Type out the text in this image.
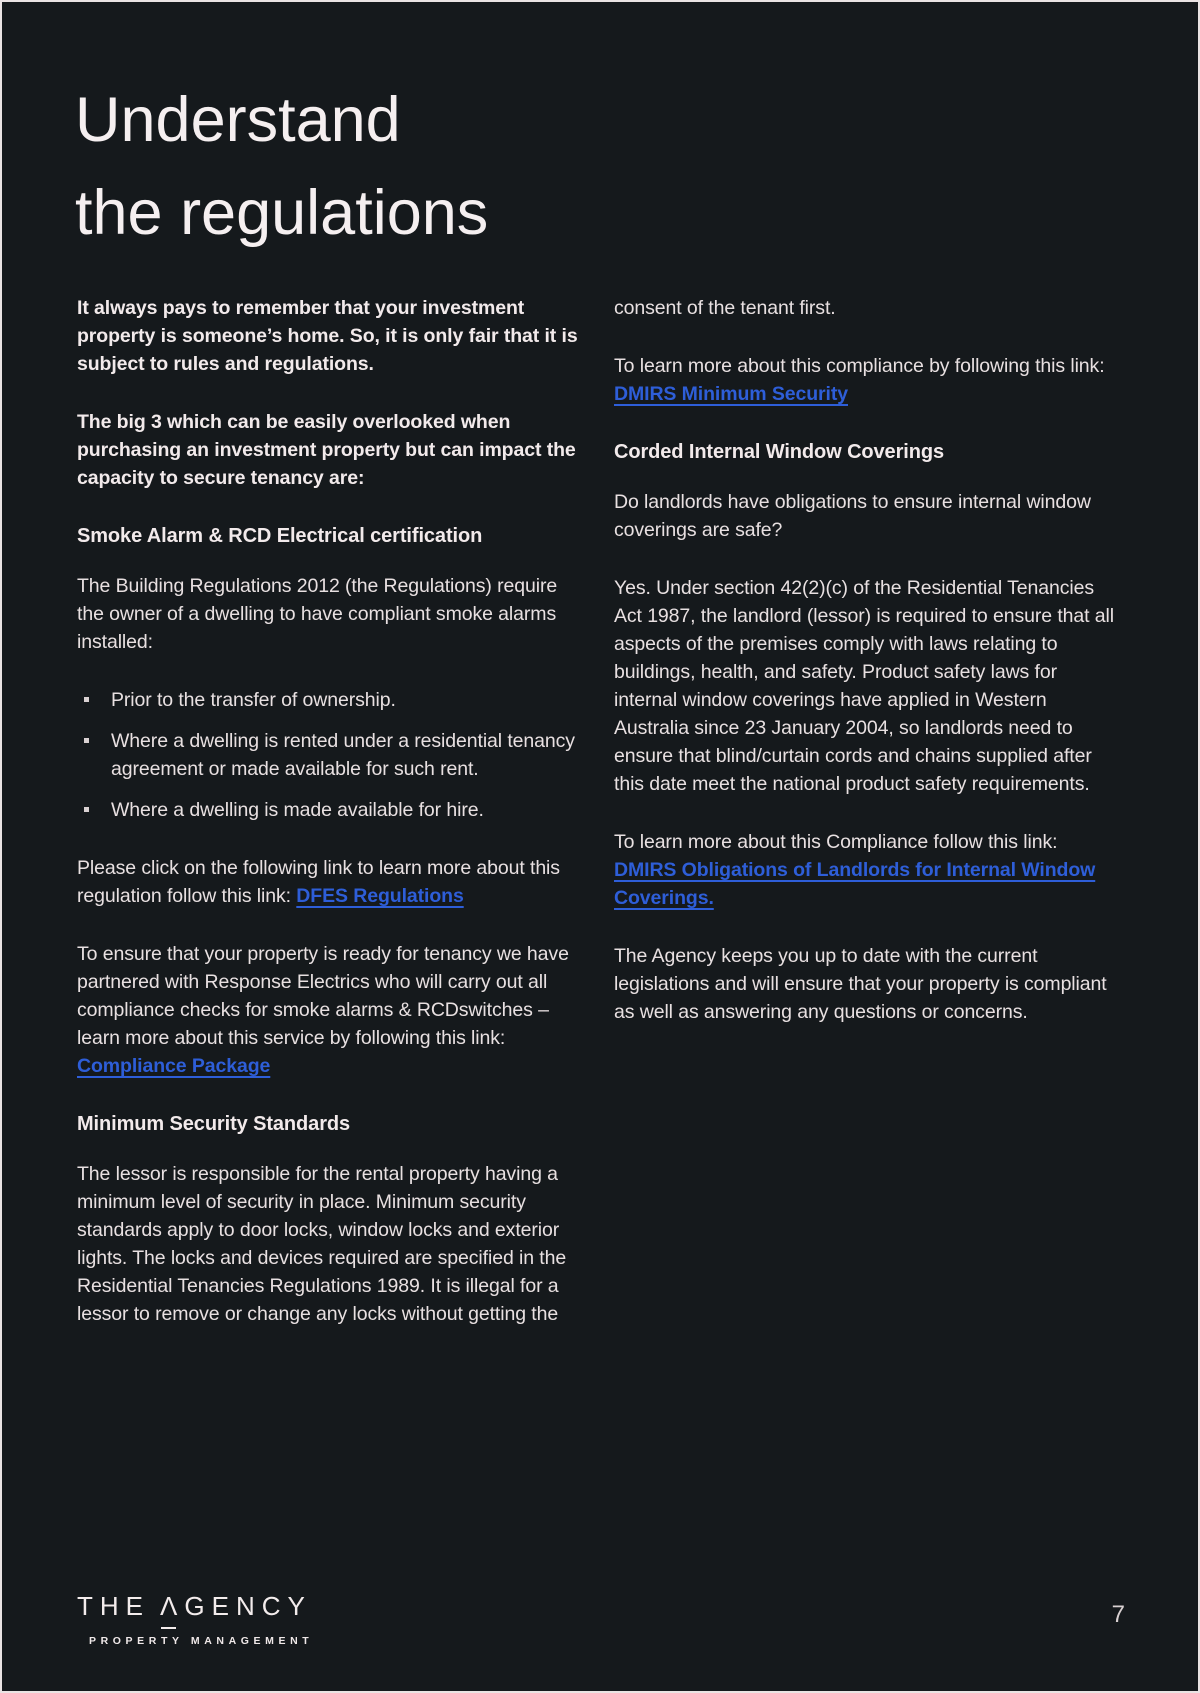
Understand
the regulations

It always pays to remember that your investment property is someone’s home. So, it is only fair that it is subject to rules and regulations.

The big 3 which can be easily overlooked when purchasing an investment property but can impact the capacity to secure tenancy are:

Smoke Alarm & RCD Electrical certification

The Building Regulations 2012 (the Regulations) require the owner of a dwelling to have compliant smoke alarms installed:

Prior to the transfer of ownership.
Where a dwelling is rented under a residential tenancy agreement or made available for such rent.
Where a dwelling is made available for hire.

Please click on the following link to learn more about this regulation follow this link: DFES Regulations

To ensure that your property is ready for tenancy we have partnered with Response Electrics who will carry out all compliance checks for smoke alarms & RCDswitches – learn more about this service by following this link:
Compliance Package

Minimum Security Standards

The lessor is responsible for the rental property having a minimum level of security in place. Minimum security standards apply to door locks, window locks and exterior lights. The locks and devices required are specified in the Residential Tenancies Regulations 1989. It is illegal for a lessor to remove or change any locks without getting the

consent of the tenant first.

To learn more about this compliance by following this link:
DMIRS Minimum Security

Corded Internal Window Coverings

Do landlords have obligations to ensure internal window coverings are safe?

Yes. Under section 42(2)(c) of the Residential Tenancies Act 1987, the landlord (lessor) is required to ensure that all aspects of the premises comply with laws relating to buildings, health, and safety. Product safety laws for internal window coverings have applied in Western Australia since 23 January 2004, so landlords need to ensure that blind/curtain cords and chains supplied after this date meet the national product safety requirements.

To learn more about this Compliance follow this link:
DMIRS Obligations of Landlords for Internal Window Coverings.

The Agency keeps you up to date with the current legislations and will ensure that your property is compliant as well as answering any questions or concerns.

THE ΛGENCY
PROPERTY MANAGEMENT
7
